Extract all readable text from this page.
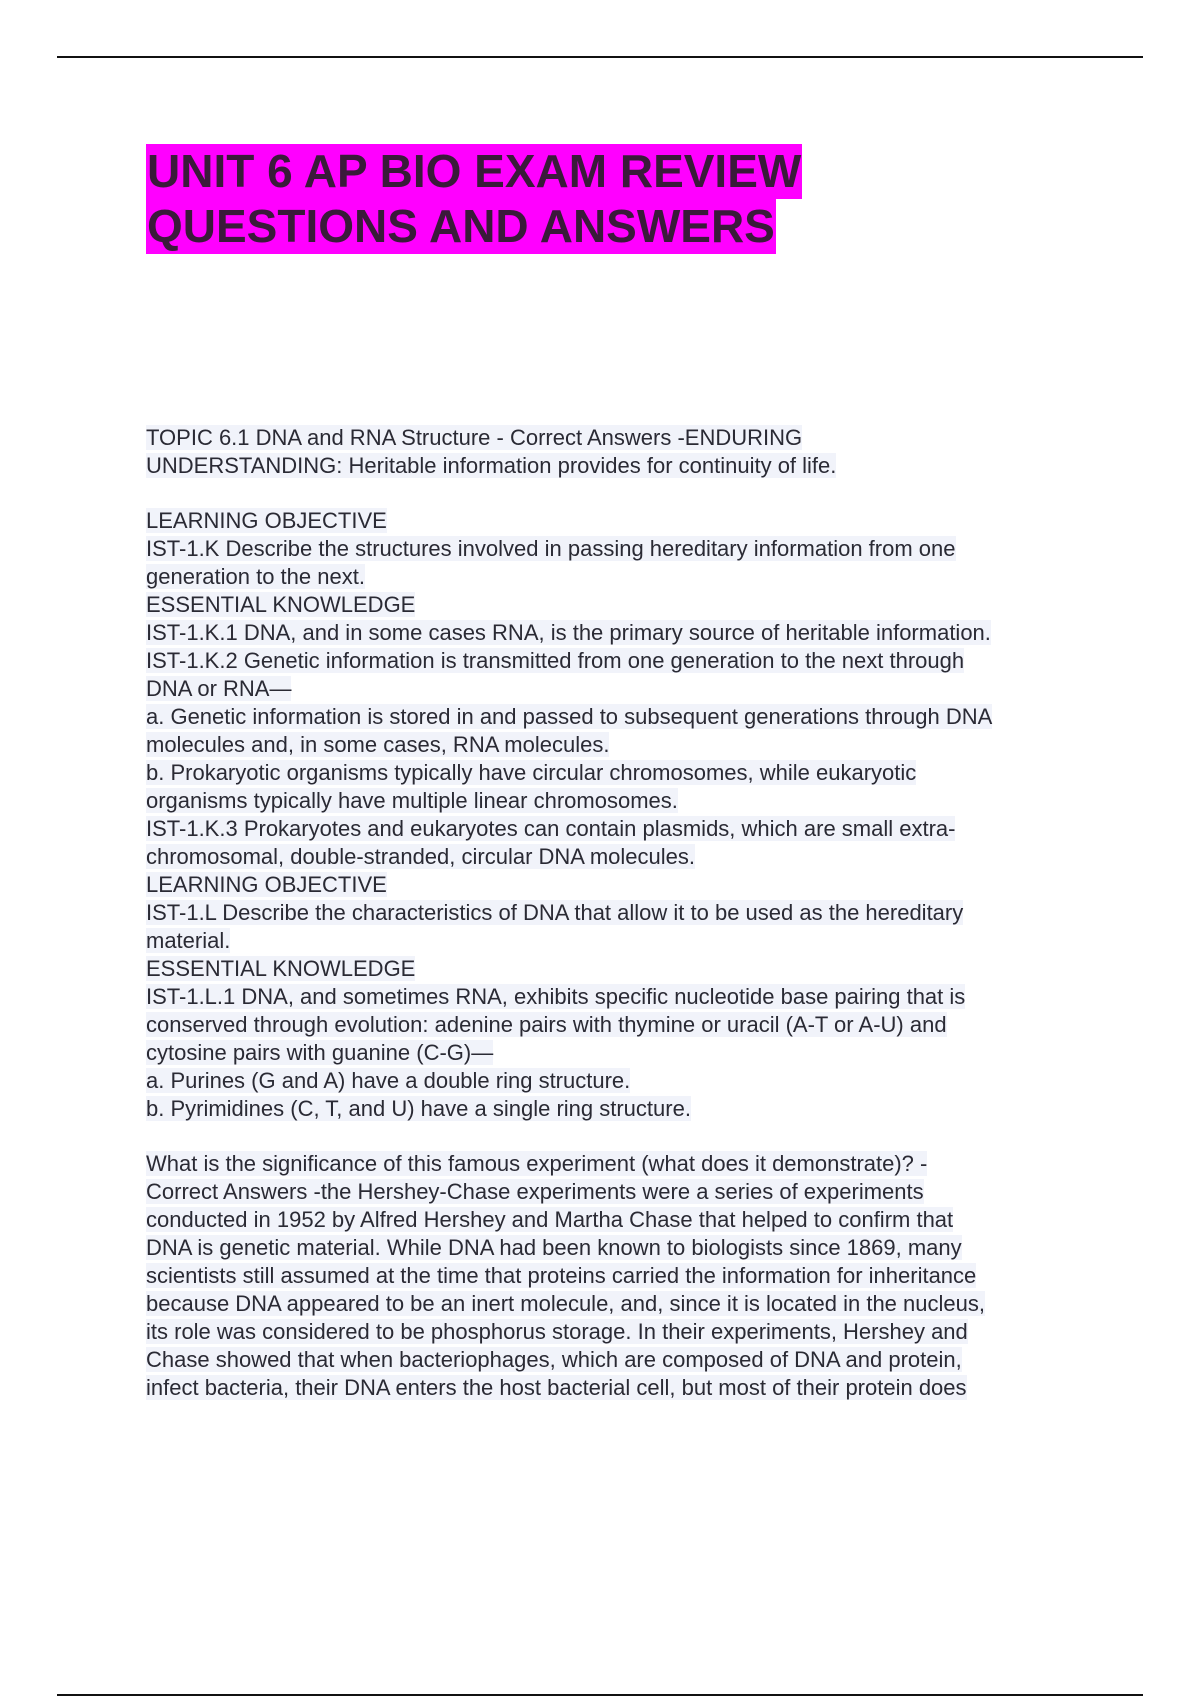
UNIT 6 AP BIO EXAM REVIEW
QUESTIONS AND ANSWERS
TOPIC 6.1 DNA and RNA Structure - Correct Answers -ENDURING
UNDERSTANDING: Heritable information provides for continuity of life.
LEARNING OBJECTIVE
IST-1.K Describe the structures involved in passing hereditary information from one
generation to the next.
ESSENTIAL KNOWLEDGE
IST-1.K.1 DNA, and in some cases RNA, is the primary source of heritable information.
IST-1.K.2 Genetic information is transmitted from one generation to the next through
DNA or RNA—
a. Genetic information is stored in and passed to subsequent generations through DNA
molecules and, in some cases, RNA molecules.
b. Prokaryotic organisms typically have circular chromosomes, while eukaryotic
organisms typically have multiple linear chromosomes.
IST-1.K.3 Prokaryotes and eukaryotes can contain plasmids, which are small extra-
chromosomal, double-stranded, circular DNA molecules.
LEARNING OBJECTIVE
IST-1.L Describe the characteristics of DNA that allow it to be used as the hereditary
material.
ESSENTIAL KNOWLEDGE
IST-1.L.1 DNA, and sometimes RNA, exhibits specific nucleotide base pairing that is
conserved through evolution: adenine pairs with thymine or uracil (A-T or A-U) and
cytosine pairs with guanine (C-G)—
a. Purines (G and A) have a double ring structure.
b. Pyrimidines (C, T, and U) have a single ring structure.
What is the significance of this famous experiment (what does it demonstrate)? -
Correct Answers -the Hershey-Chase experiments were a series of experiments
conducted in 1952 by Alfred Hershey and Martha Chase that helped to confirm that
DNA is genetic material. While DNA had been known to biologists since 1869, many
scientists still assumed at the time that proteins carried the information for inheritance
because DNA appeared to be an inert molecule, and, since it is located in the nucleus,
its role was considered to be phosphorus storage. In their experiments, Hershey and
Chase showed that when bacteriophages, which are composed of DNA and protein,
infect bacteria, their DNA enters the host bacterial cell, but most of their protein does
